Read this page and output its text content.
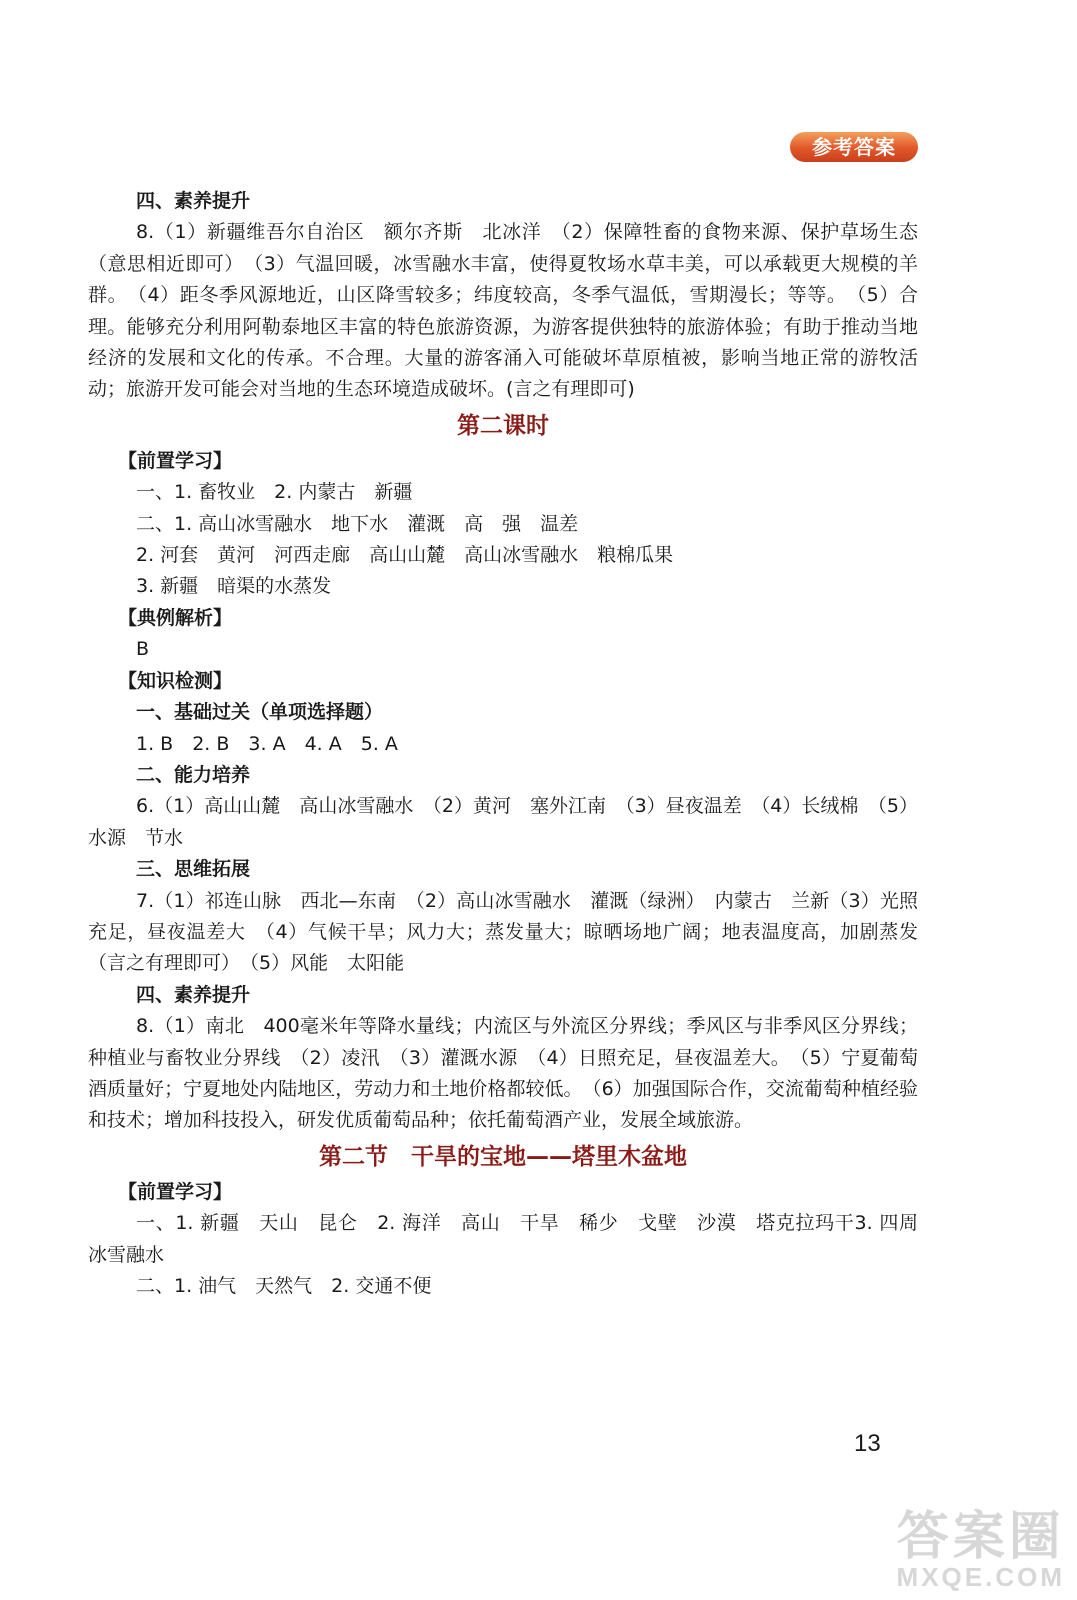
参考答案

四、素养提升

8.（1）新疆维吾尔自治区　额尔齐斯　北冰洋　（2）保障牲畜的食物来源、保护草场生态（意思相近即可）　（3）气温回暖，冰雪融水丰富，使得夏牧场水草丰美，可以承载更大规模的羊群。　（4）距冬季风源地近，山区降雪较多；纬度较高，冬季气温低，雪期漫长；等等。　（5）合理。能够充分利用阿勒泰地区丰富的特色旅游资源，为游客提供独特的旅游体验；有助于推动当地经济的发展和文化的传承。不合理。大量的游客涌入可能破坏草原植被，影响当地正常的游牧活动；旅游开发可能会对当地的生态环境造成破坏。(言之有理即可)

第二课时

【前置学习】

一、1. 畜牧业　2. 内蒙古　新疆

二、1. 高山冰雪融水　地下水　灌溉　高　强　温差

2. 河套　黄河　河西走廊　高山山麓　高山冰雪融水　粮棉瓜果

3. 新疆　暗渠的水蒸发

【典例解析】

B

【知识检测】

一、基础过关（单项选择题）

1. B　2. B　3. A　4. A　5. A

二、能力培养

6.（1）高山山麓　高山冰雪融水　（2）黄河　塞外江南　（3）昼夜温差　（4）长绒棉　（5）水源　节水

三、思维拓展

7.（1）祁连山脉　西北—东南　（2）高山冰雪融水　灌溉（绿洲）　内蒙古　兰新（3）光照充足，昼夜温差大　（4）气候干旱；风力大；蒸发量大；晾晒场地广阔；地表温度高，加剧蒸发（言之有理即可）　（5）风能　太阳能

四、素养提升

8.（1）南北　400毫米年等降水量线；内流区与外流区分界线；季风区与非季风区分界线；种植业与畜牧业分界线　（2）凌汛　（3）灌溉水源　（4）日照充足，昼夜温差大。　（5）宁夏葡萄酒质量好；宁夏地处内陆地区，劳动力和土地价格都较低。　（6）加强国际合作，交流葡萄种植经验和技术；增加科技投入，研发优质葡萄品种；依托葡萄酒产业，发展全域旅游。

第二节　干旱的宝地——塔里木盆地

【前置学习】

一、1. 新疆　天山　昆仑　2. 海洋　高山　干旱　稀少　戈壁　沙漠　塔克拉玛干3. 四周　冰雪融水

二、1. 油气　天然气　2. 交通不便

13
答案圈
MXQE.COM
